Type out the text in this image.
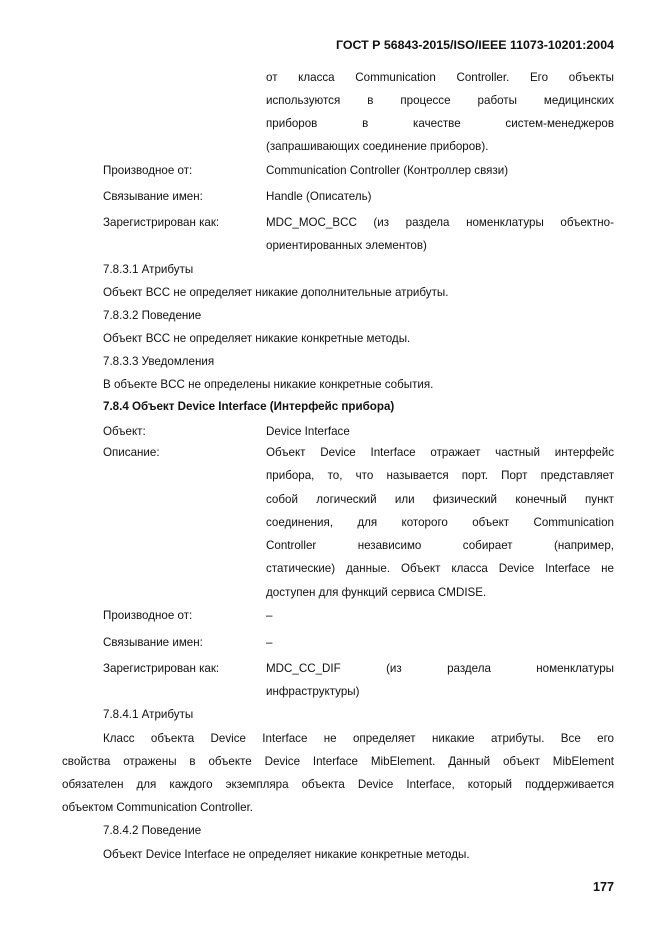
ГОСТ Р 56843-2015/ISO/IEEE 11073-10201:2004
от класса Communication Controller. Его объекты
используются в процессе работы медицинских
приборов в качестве систем-менеджеров
(запрашивающих соединение приборов).
Производное от:	Communication Controller (Контроллер связи)
Связывание имен:	Handle (Описатель)
Зарегистрирован как:	MDC_MOC_BCC (из раздела номенклатуры объектно-
ориентированных элементов)
7.8.3.1 Атрибуты
Объект BCC не определяет никакие дополнительные атрибуты.
7.8.3.2 Поведение
Объект BCC не определяет никакие конкретные методы.
7.8.3.3 Уведомления
В объекте BCC не определены никакие конкретные события.
7.8.4 Объект Device Interface (Интерфейс прибора)
Объект:	Device Interface
Описание:	Объект Device Interface отражает частный интерфейс
прибора, то, что называется порт. Порт представляет
собой логический или физический конечный пункт
соединения, для которого объект Communication
Controller независимо собирает (например,
статические) данные. Объект класса Device Interface не
доступен для функций сервиса CMDISE.
Производное от:	–
Связывание имен:	–
Зарегистрирован как:	MDC_CC_DIF (из раздела номенклатуры
инфраструктуры)
7.8.4.1 Атрибуты
Класс объекта Device Interface не определяет никакие атрибуты. Все его
свойства отражены в объекте Device Interface MibElement. Данный объект MibElement
обязателен для каждого экземпляра объекта Device Interface, который поддерживается
объектом Communication Controller.
7.8.4.2 Поведение
Объект Device Interface не определяет никакие конкретные методы.
177
